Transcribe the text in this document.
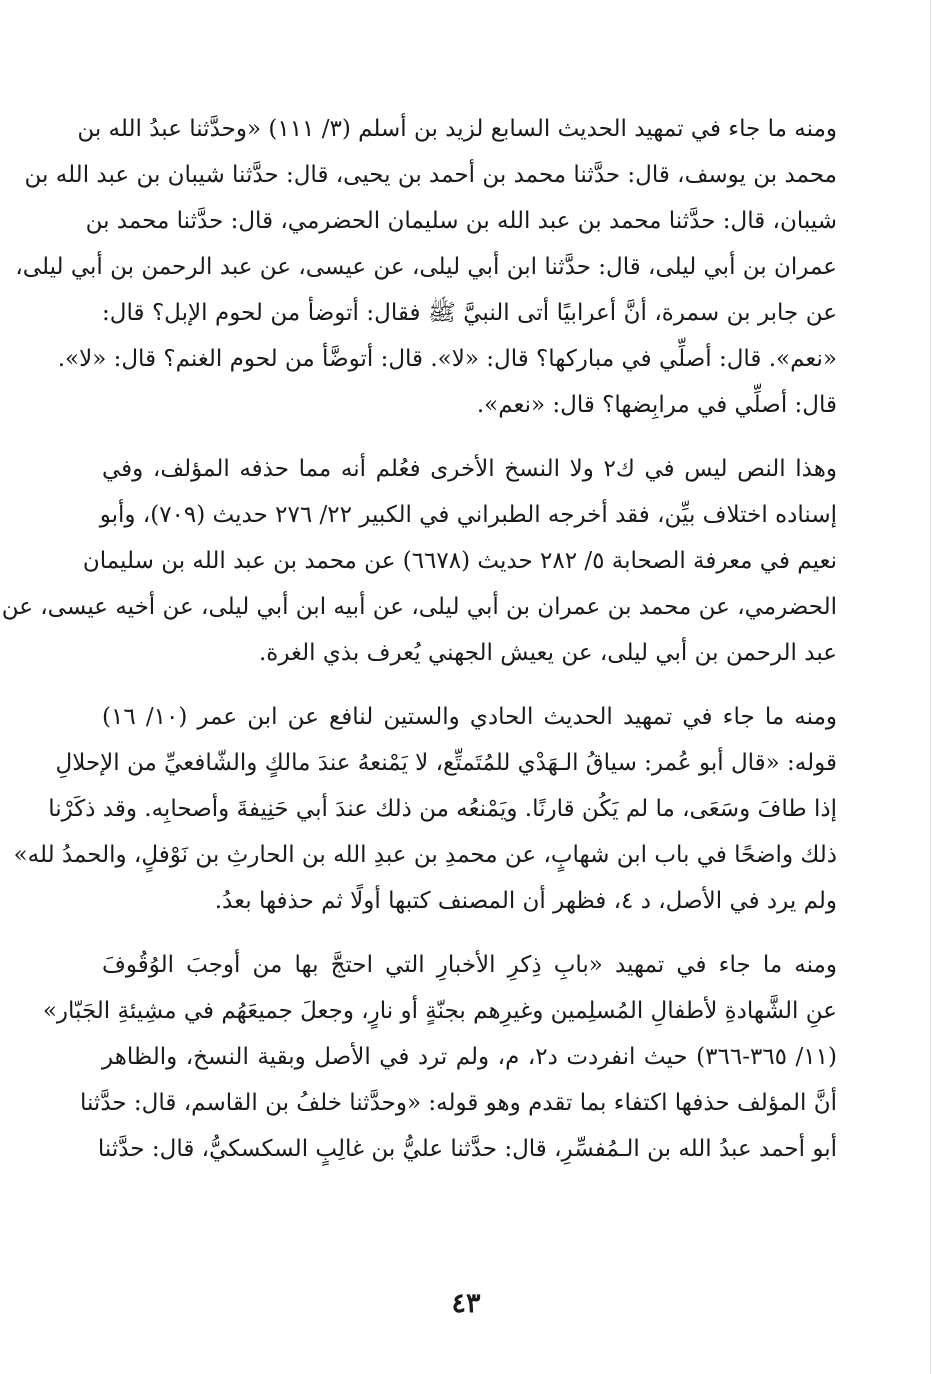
ومنه ما جاء في تمهيد الحديث السابع لزيد بن أسلم (٣/ ١١١) «وحدَّثنا عبدُ الله بن
محمد بن يوسف، قال: حدَّثنا محمد بن أحمد بن يحيى، قال: حدَّثنا شيبان بن عبد الله بن
شيبان، قال: حدَّثنا محمد بن عبد الله بن سليمان الحضرمي، قال: حدَّثنا محمد بن
عمران بن أبي ليلى، قال: حدَّثنا ابن أبي ليلى، عن عيسى، عن عبد الرحمن بن أبي ليلى،
عن جابر بن سمرة، أنَّ أعرابيًا أتى النبيَّ ﷺ فقال: أتوضأ من لحوم الإبل؟ قال:
«نعم». قال: أصلِّي في مباركها؟ قال: «لا». قال: أتوضَّأ من لحوم الغنم؟ قال: «لا».
قال: أصلِّي في مرابِضها؟ قال: «نعم».
وهذا النص ليس في ك٢ ولا النسخ الأخرى فعُلم أنه مما حذفه المؤلف، وفي
إسناده اختلاف بيِّن، فقد أخرجه الطبراني في الكبير ٢٢/ ٢٧٦ حديث (٧٠٩)، وأبو
نعيم في معرفة الصحابة ٥/ ٢٨٢ حديث (٦٦٧٨) عن محمد بن عبد الله بن سليمان
الحضرمي، عن محمد بن عمران بن أبي ليلى، عن أبيه ابن أبي ليلى، عن أخيه عيسى، عن
عبد الرحمن بن أبي ليلى، عن يعيش الجهني يُعرف بذي الغرة.
ومنه ما جاء في تمهيد الحديث الحادي والستين لنافع عن ابن عمر (١٠/ ١٦)
قوله: «قال أبو عُمر: سياقُ الـهَدْي للمُتَمتِّع، لا يَمْنعهُ عندَ مالكٍ والشّافعيِّ من الإحلالِ
إذا طافَ وسَعَى، ما لم يَكُن قارنًا. ويَمْنعُه من ذلك عندَ أبي حَنِيفةَ وأصحابِه. وقد ذكَرْنا
ذلك واضحًا في باب ابن شهابٍ، عن محمدِ بن عبدِ الله بن الحارثِ بن نَوْفلٍ، والحمدُ لله»
ولم يرد في الأصل، د ٤، فظهر أن المصنف كتبها أولًا ثم حذفها بعدُ.
ومنه ما جاء في تمهيد «بابِ ذِكرِ الأخبارِ التي احتجَّ بها من أوجبَ الوُقُوفَ
عنِ الشَّهادةِ لأطفالِ المُسلِمين وغيرِهم بجنّةٍ أو نارٍ، وجعلَ جميعَهُم في مشِيئةِ الجَبّار»
(١١/ ٣٦٥-٣٦٦) حيث انفردت د٢، م، ولم ترد في الأصل وبقية النسخ، والظاهر
أنَّ المؤلف حذفها اكتفاء بما تقدم وهو قوله: «وحدَّثنا خلفُ بن القاسم، قال: حدَّثنا
أبو أحمد عبدُ الله بن الـمُفسِّرِ، قال: حدَّثنا عليُّ بن غالِبٍ السكسكيُّ، قال: حدَّثنا
٤٣
